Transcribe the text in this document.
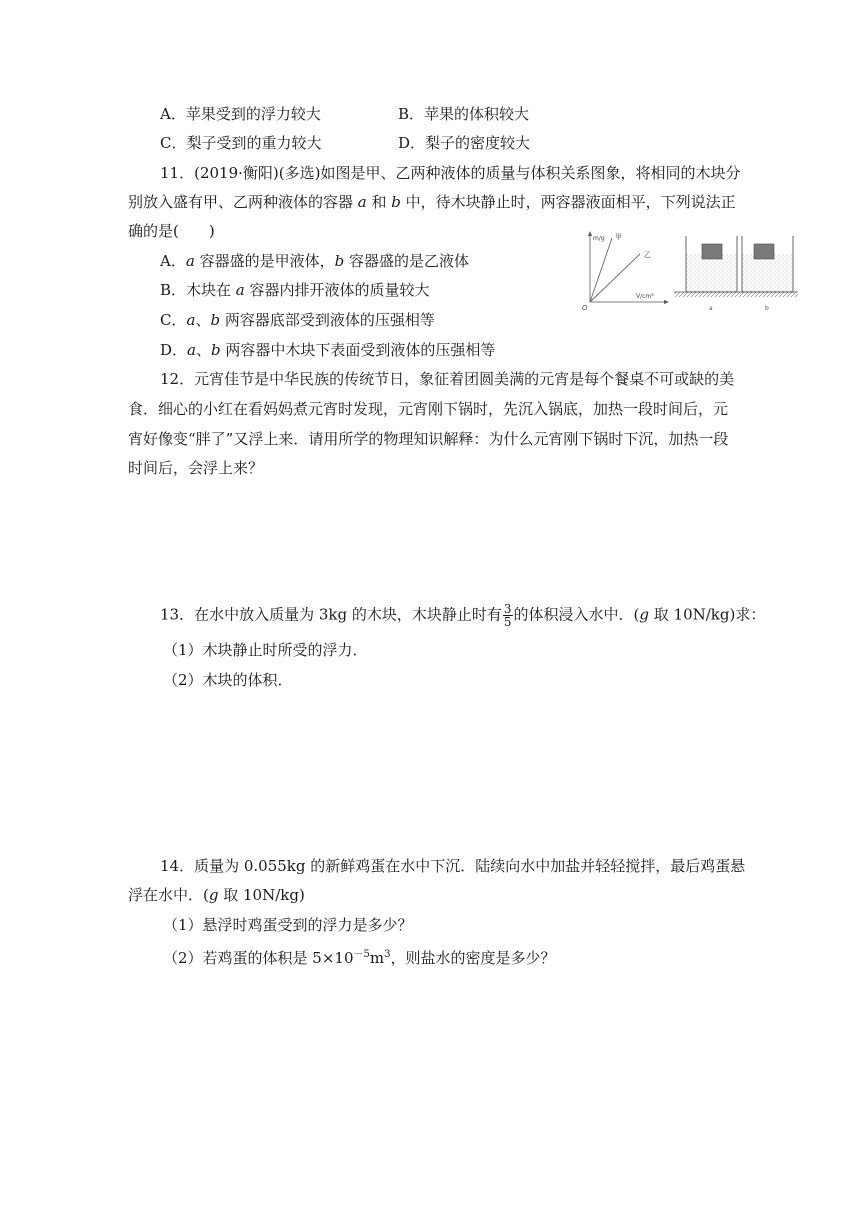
A．苹果受到的浮力较大	B．苹果的体积较大
C．梨子受到的重力较大	D．梨子的密度较大
11．(2019·衡阳)(多选)如图是甲、乙两种液体的质量与体积关系图象，将相同的木块分
别放入盛有甲、乙两种液体的容器 a 和 b 中，待木块静止时，两容器液面相平，下列说法正
确的是(　　)
A．a 容器盛的是甲液体，b 容器盛的是乙液体
B．木块在 a 容器内排开液体的质量较大
C．a、b 两容器底部受到液体的压强相等
D．a、b 两容器中木块下表面受到液体的压强相等
m/g 甲
乙
V/cm³
O	a	b
12．元宵佳节是中华民族的传统节日，象征着团圆美满的元宵是每个餐桌不可或缺的美
食．细心的小红在看妈妈煮元宵时发现，元宵刚下锅时，先沉入锅底，加热一段时间后，元
宵好像变“胖了”又浮上来．请用所学的物理知识解释：为什么元宵刚下锅时下沉，加热一段
时间后，会浮上来？
13．在水中放入质量为 3kg 的木块，木块静止时有 $\frac{3}{5}$ 的体积浸入水中．(g 取 10N/kg)求：
（1）木块静止时所受的浮力．
（2）木块的体积．
14．质量为 0.055kg 的新鲜鸡蛋在水中下沉．陆续向水中加盐并轻轻搅拌，最后鸡蛋悬
浮在水中．(g 取 10N/kg)
（1）悬浮时鸡蛋受到的浮力是多少？
（2）若鸡蛋的体积是 $5\times 10^{-5}m^3$，则盐水的密度是多少？
